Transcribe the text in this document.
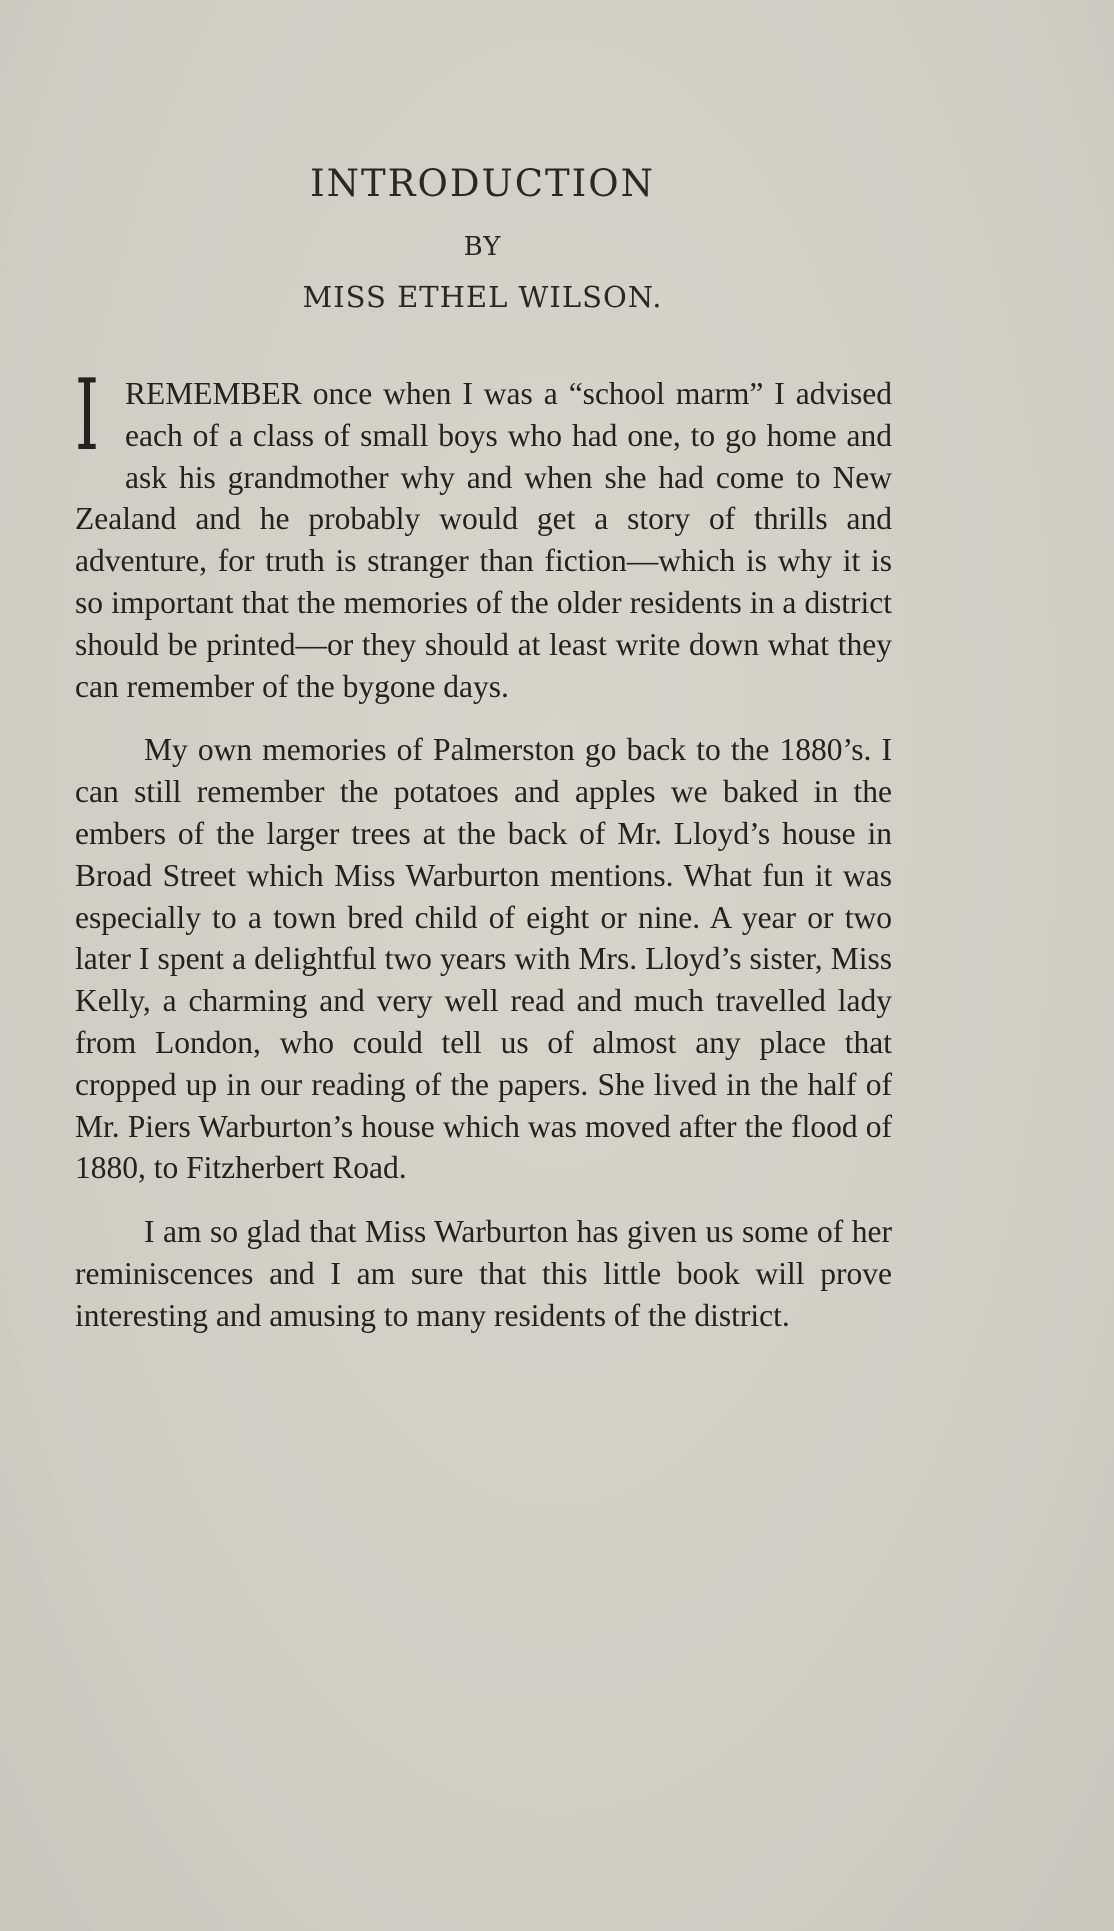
INTRODUCTION
BY
MISS ETHEL WILSON.

IREMEMBER once when I was a “school marm” I advised each of a class of small boys who had one, to go home and ask his grandmother why and when she had come to New Zealand and he probably would get a story of thrills and adventure, for truth is stranger than fiction—which is why it is so important that the memories of the older residents in a district should be printed—or they should at least write down what they can remember of the bygone days.

My own memories of Palmerston go back to the 1880’s. I can still remember the potatoes and apples we baked in the embers of the larger trees at the back of Mr. Lloyd’s house in Broad Street which Miss Warburton mentions. What fun it was especially to a town bred child of eight or nine. A year or two later I spent a delightful two years with Mrs. Lloyd’s sister, Miss Kelly, a charming and very well read and much travelled lady from London, who could tell us of almost any place that cropped up in our reading of the papers. She lived in the half of Mr. Piers Warburton’s house which was moved after the flood of 1880, to Fitzherbert Road.

I am so glad that Miss Warburton has given us some of her reminiscences and I am sure that this little book will prove interesting and amusing to many residents of the district.
